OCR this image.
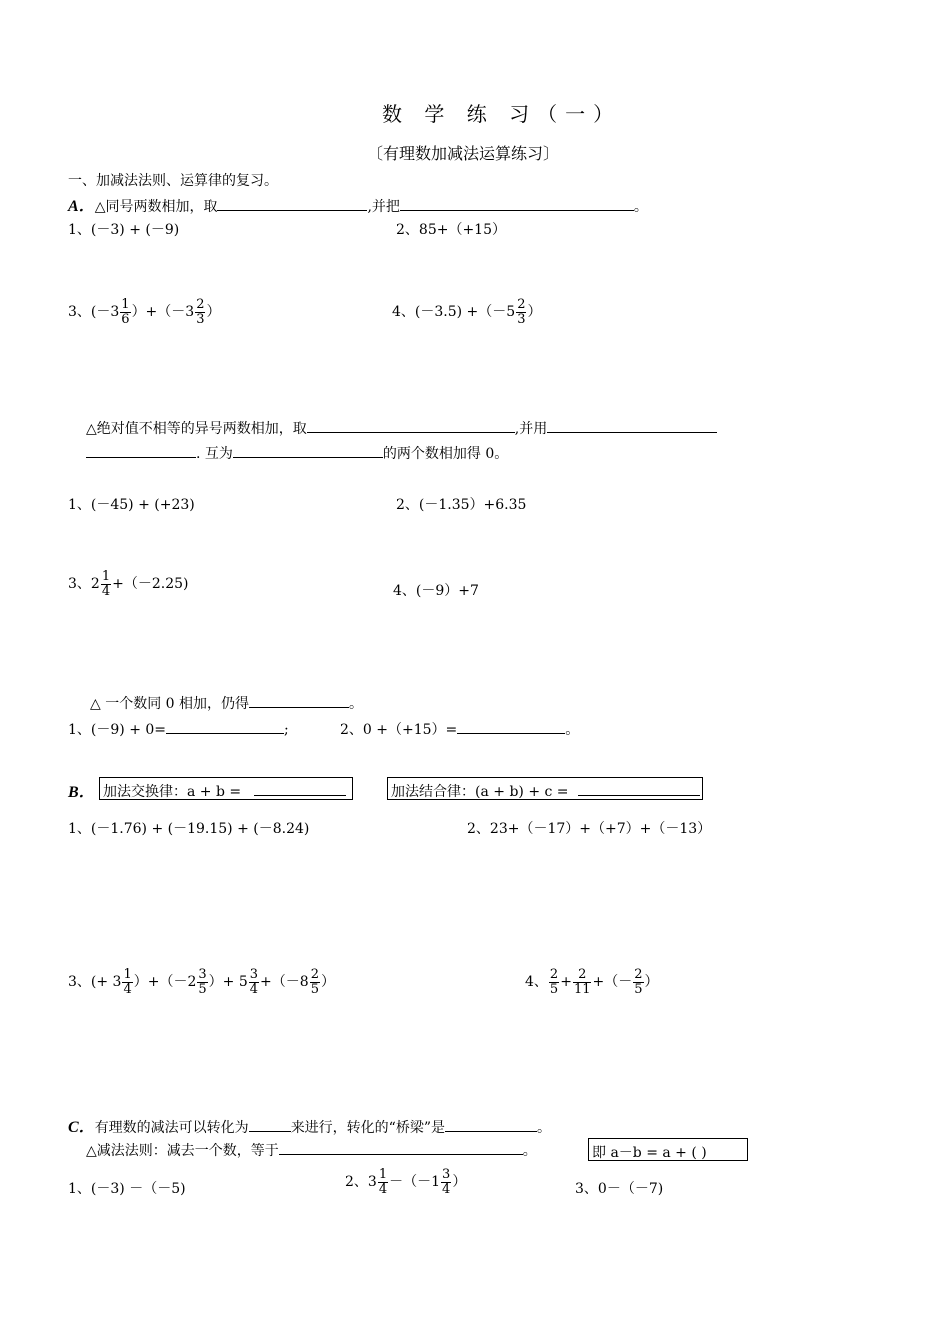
数 学 练 习（一）
〔有理数加减法运算练习〕
一、加减法法则、运算律的复习。
A．△同号两数相加，取	,并把	。
1、(－3) + (－9)	2、85+（+15）
3、$(-3 \frac{1}{6} )+(-3 \frac{2}{3}$ ）	4、$(-3.5) +(-5 \frac{2}{3}$ ）
△绝对值不相等的异号两数相加，取	,并用
. 互为	的两个数相加得 0。
1、(－45) + (+23)	2、(－1.35）+6.35
3、$2 \frac{1}{4} +(-2.25)$	4、(－9）+7
△ 一个数同 0 相加，仍得	。
1、(－9) + 0=	;	2、0 +（+15）=	。
B． 加法交换律：a + b =	加法结合律：(a + b) + c =
1、(－1.76) + (－19.15) + (－8.24)	2、23+（－17）+（+7）+（－13）
3、(+ $3 \frac{1}{4} )+(-2 \frac{3}{5}$ ）+ $5 \frac{3}{4} +(-8 \frac{2}{5}$ ）	4、 $\frac{2}{5} + \frac{2}{11}$ +（－ $\frac{2}{5}$ ）
C．有理数的减法可以转化为	来进行，转化的“桥梁”是	。
△减法法则：减去一个数，等于	。	即 a－b = a + ( )
1、(－3) －（－5)	2、$3 \frac{1}{4} -(-1 \frac{3}{4}$ ）	3、0－（－7)
